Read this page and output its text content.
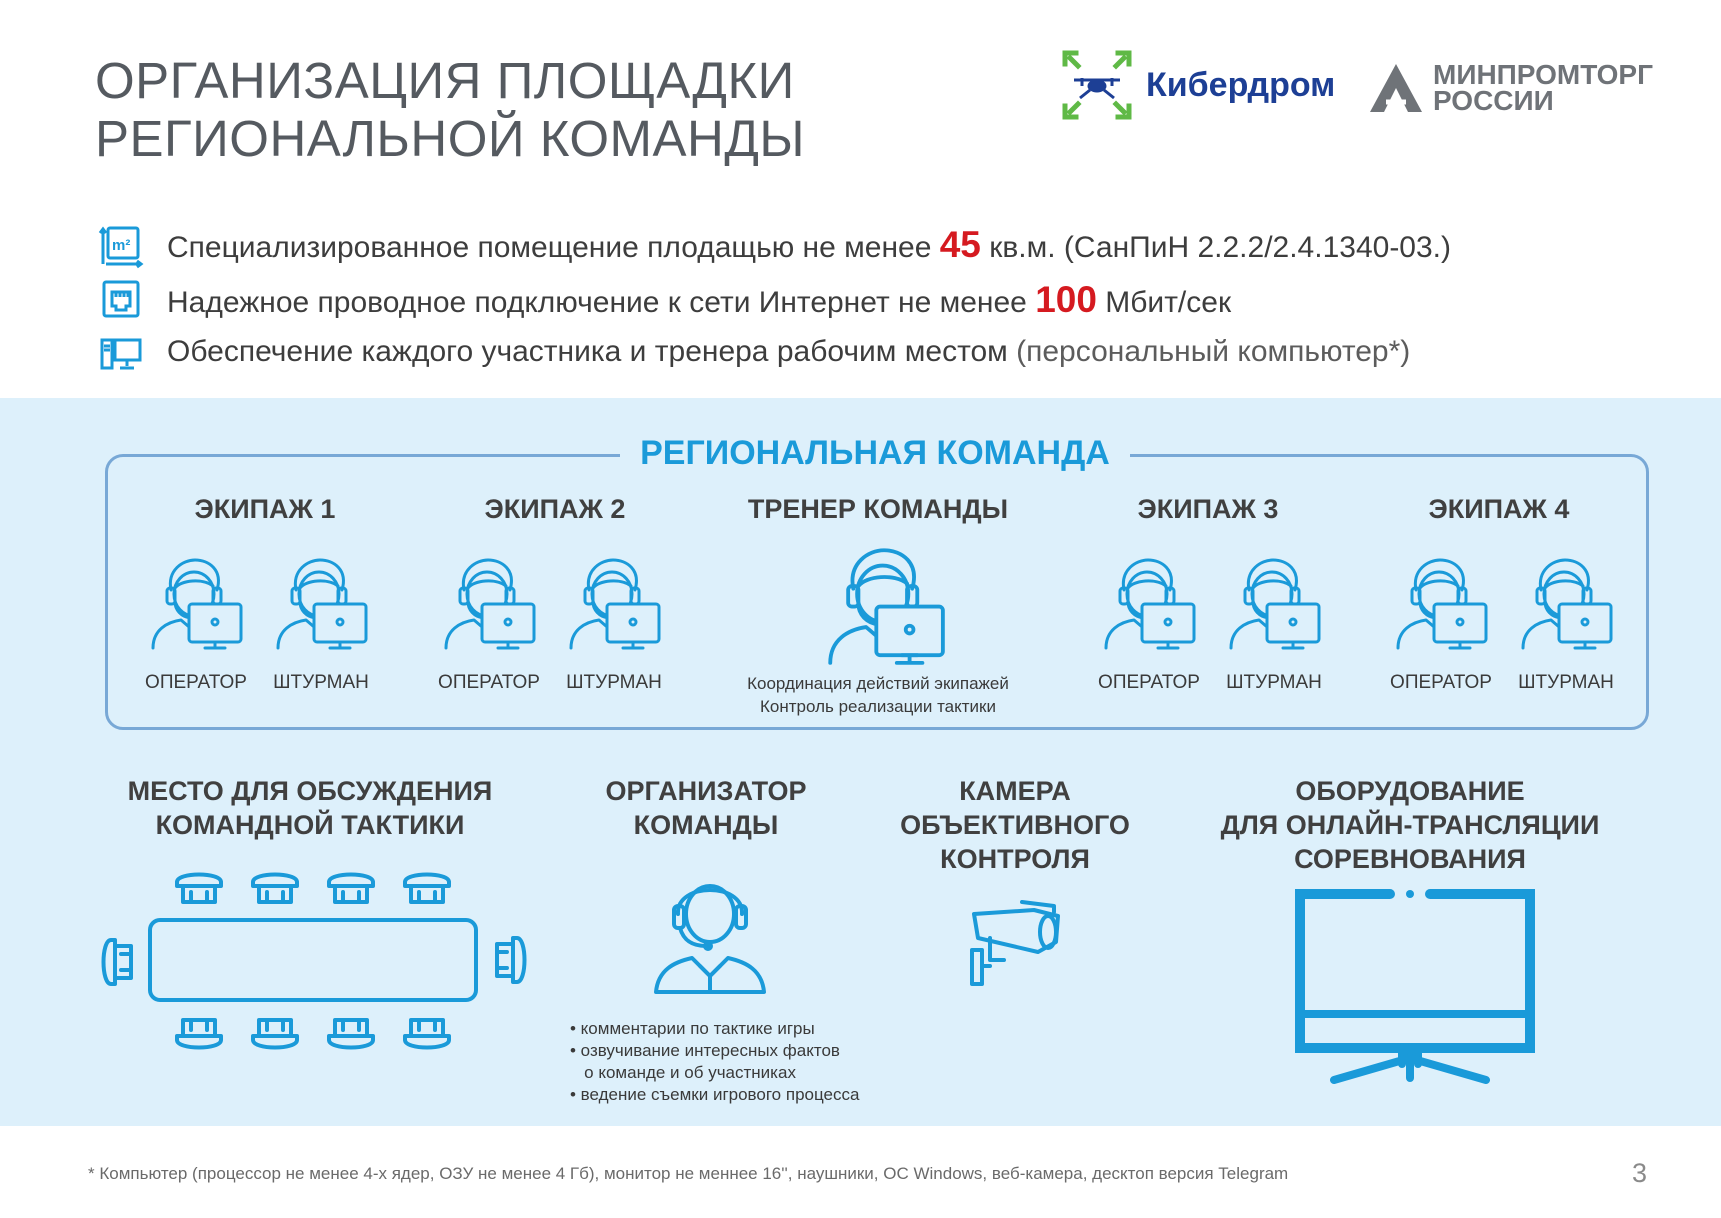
ОРГАНИЗАЦИЯ ПЛОЩАДКИ
РЕГИОНАЛЬНОЙ КОМАНДЫ
Кибердром	МИНПРОМТОРГ
РОССИИ
m² Специализированное помещение плодащью не менее 45 кв.м. (СанПиН 2.2.2/2.4.1340-03.)
Надежное проводное подключение к сети Интернет не менее 100 Мбит/сек
Обеспечение каждого участника и тренера рабочим местом (персональный компьютер*)
РЕГИОНАЛЬНАЯ КОМАНДА
ЭКИПАЖ 1
ОПЕРАТОР	ШТУРМАН
ЭКИПАЖ 2
ОПЕРАТОР	ШТУРМАН
ТРЕНЕР КОМАНДЫ
Координация действий экипажей
Контроль реализации тактики
ЭКИПАЖ 3
ОПЕРАТОР	ШТУРМАН
ЭКИПАЖ 4
ОПЕРАТОР	ШТУРМАН
МЕСТО ДЛЯ ОБСУЖДЕНИЯ
КОМАНДНОЙ ТАКТИКИ
ОРГАНИЗАТОР
КОМАНДЫ
• комментарии по тактике игры
• озвучивание интересных фактов
о команде и об участниках
• ведение съемки игрового процесса
КАМЕРА
ОБЪЕКТИВНОГО
КОНТРОЛЯ
ОБОРУДОВАНИЕ
ДЛЯ ОНЛАЙН-ТРАНСЛЯЦИИ
СОРЕВНОВАНИЯ
* Компьютер (процессор не менее 4-х ядер, ОЗУ не менее 4 Гб), монитор не меннее 16'', наушники, ОС Windows, веб-камера, десктоп версия Telegram	3
